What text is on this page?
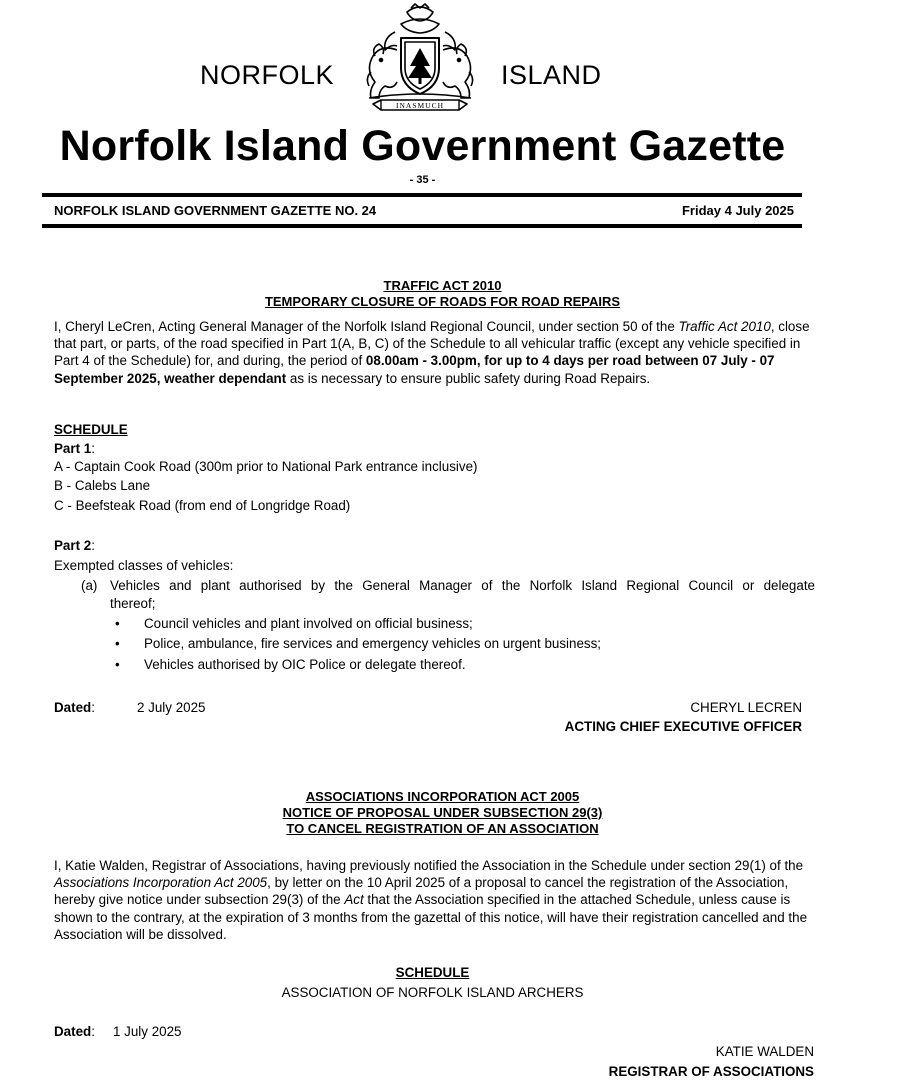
NORFOLK	ISLAND
INASMUCH
Norfolk Island Government Gazette
- 35 -
NORFOLK ISLAND GOVERNMENT GAZETTE NO. 24	Friday 4 July 2025
TRAFFIC ACT 2010
TEMPORARY CLOSURE OF ROADS FOR ROAD REPAIRS
I, Cheryl LeCren, Acting General Manager of the Norfolk Island Regional Council, under section 50 of the Traffic Act 2010, close that part, or parts, of the road specified in Part 1(A, B, C) of the Schedule to all vehicular traffic (except any vehicle specified in Part 4 of the Schedule) for, and during, the period of 08.00am - 3.00pm, for up to 4 days per road between 07 July - 07 September 2025, weather dependant as is necessary to ensure public safety during Road Repairs.
SCHEDULE
Part 1:
A - Captain Cook Road (300m prior to National Park entrance inclusive)
B - Calebs Lane
C - Beefsteak Road (from end of Longridge Road)
Part 2:
Exempted classes of vehicles:
(a) Vehicles and plant authorised by the General Manager of the Norfolk Island Regional Council or delegate
thereof;
•	Council vehicles and plant involved on official business;
•	Police, ambulance, fire services and emergency vehicles on urgent business;
•	Vehicles authorised by OIC Police or delegate thereof.
Dated:	2 July 2025	CHERYL LECREN
ACTING CHIEF EXECUTIVE OFFICER
ASSOCIATIONS INCORPORATION ACT 2005
NOTICE OF PROPOSAL UNDER SUBSECTION 29(3)
TO CANCEL REGISTRATION OF AN ASSOCIATION
I, Katie Walden, Registrar of Associations, having previously notified the Association in the Schedule under section 29(1) of the Associations Incorporation Act 2005, by letter on the 10 April 2025 of a proposal to cancel the registration of the Association, hereby give notice under subsection 29(3) of the Act that the Association specified in the attached Schedule, unless cause is shown to the contrary, at the expiration of 3 months from the gazettal of this notice, will have their registration cancelled and the Association will be dissolved.
SCHEDULE
ASSOCIATION OF NORFOLK ISLAND ARCHERS
Dated: 1 July 2025
KATIE WALDEN
REGISTRAR OF ASSOCIATIONS
